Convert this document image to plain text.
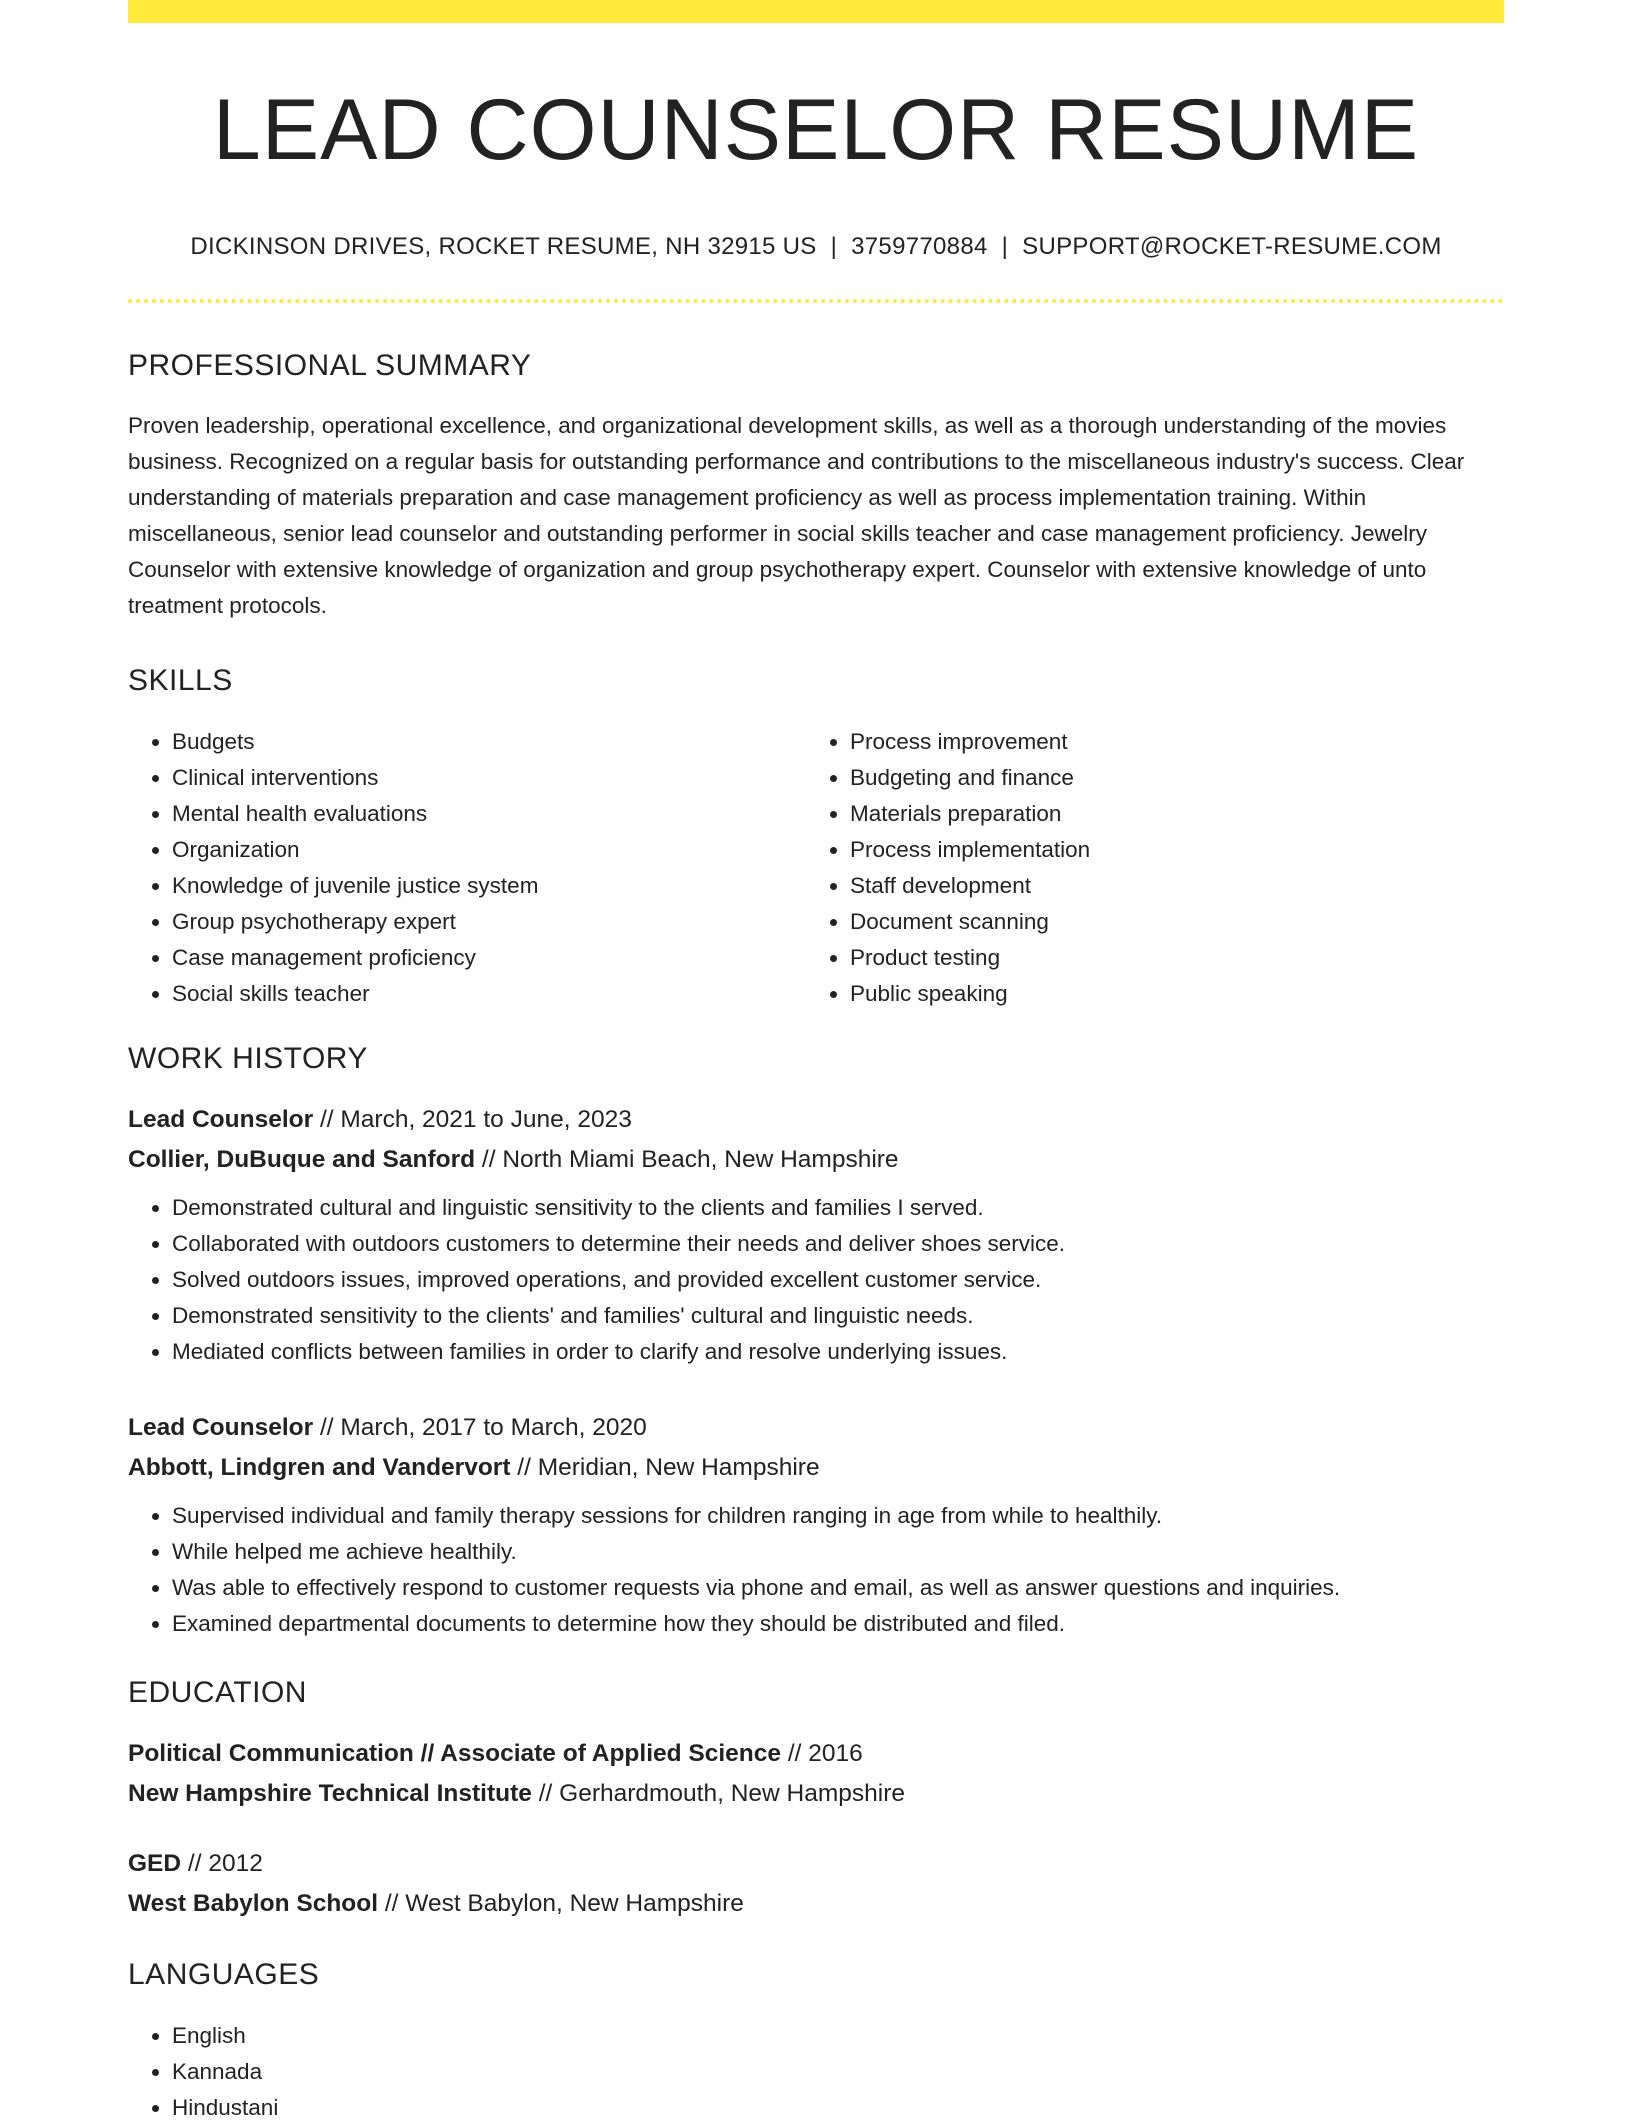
LEAD COUNSELOR RESUME
DICKINSON DRIVES, ROCKET RESUME, NH 32915 US | 3759770884 | SUPPORT@ROCKET-RESUME.COM
PROFESSIONAL SUMMARY

Proven leadership, operational excellence, and organizational development skills, as well as a thorough understanding of the movies business. Recognized on a regular basis for outstanding performance and contributions to the miscellaneous industry's success. Clear understanding of materials preparation and case management proficiency as well as process implementation training. Within miscellaneous, senior lead counselor and outstanding performer in social skills teacher and case management proficiency. Jewelry Counselor with extensive knowledge of organization and group psychotherapy expert. Counselor with extensive knowledge of unto treatment protocols.

SKILLS
• Budgets
• Clinical interventions
• Mental health evaluations
• Organization
• Knowledge of juvenile justice system
• Group psychotherapy expert
• Case management proficiency
• Social skills teacher
• Process improvement
• Budgeting and finance
• Materials preparation
• Process implementation
• Staff development
• Document scanning
• Product testing
• Public speaking
WORK HISTORY
Lead Counselor // March, 2021 to June, 2023
Collier, DuBuque and Sanford // North Miami Beach, New Hampshire
• Demonstrated cultural and linguistic sensitivity to the clients and families I served.
• Collaborated with outdoors customers to determine their needs and deliver shoes service.
• Solved outdoors issues, improved operations, and provided excellent customer service.
• Demonstrated sensitivity to the clients' and families' cultural and linguistic needs.
• Mediated conflicts between families in order to clarify and resolve underlying issues.
Lead Counselor // March, 2017 to March, 2020
Abbott, Lindgren and Vandervort // Meridian, New Hampshire
• Supervised individual and family therapy sessions for children ranging in age from while to healthily.
• While helped me achieve healthily.
• Was able to effectively respond to customer requests via phone and email, as well as answer questions and inquiries.
• Examined departmental documents to determine how they should be distributed and filed.
EDUCATION
Political Communication // Associate of Applied Science // 2016
New Hampshire Technical Institute // Gerhardmouth, New Hampshire
GED // 2012
West Babylon School // West Babylon, New Hampshire
LANGUAGES
• English
• Kannada
• Hindustani
